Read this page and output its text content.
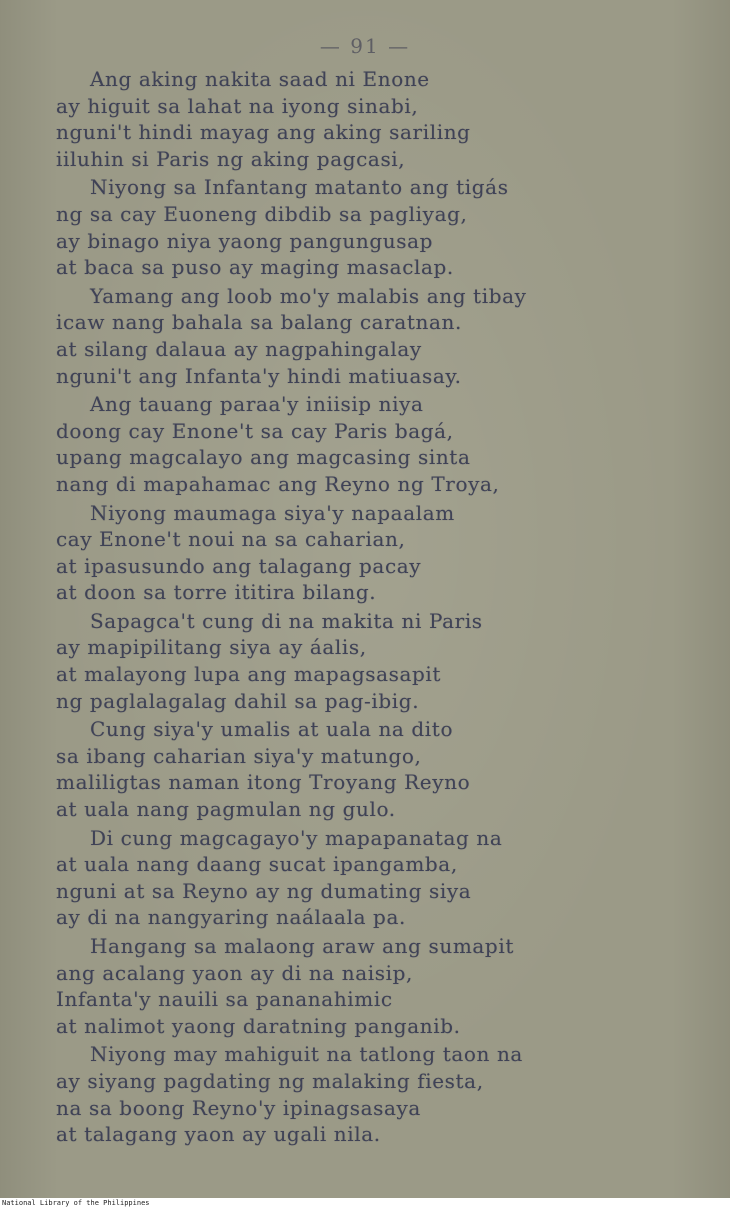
— 91 —
Ang aking nakita saad ni Enone
ay higuit sa lahat na iyong sinabi,
nguni't hindi mayag ang aking sariling
iiluhin si Paris ng aking pagcasi,
Niyong sa Infantang matanto ang tigás
ng sa cay Euoneng dibdib sa pagliyag,
ay binago niya yaong pangungusap
at baca sa puso ay maging masaclap.
Yamang ang loob mo'y malabis ang tibay
icaw nang bahala sa balang caratnan.
at silang dalaua ay nagpahingalay
nguni't ang Infanta'y hindi matiuasay.
Ang tauang paraa'y iniisip niya
doong cay Enone't sa cay Paris bagá,
upang magcalayo ang magcasing sinta
nang di mapahamac ang Reyno ng Troya,
Niyong maumaga siya'y napaalam
cay Enone't noui na sa caharian,
at ipasusundo ang talagang pacay
at doon sa torre ititira bilang.
Sapagca't cung di na makita ni Paris
ay mapipilitang siya ay áalis,
at malayong lupa ang mapagsasapit
ng paglalagalag dahil sa pag-ibig.
Cung siya'y umalis at uala na dito
sa ibang caharian siya'y matungo,
maliligtas naman itong Troyang Reyno
at uala nang pagmulan ng gulo.
Di cung magcagayo'y mapapanatag na
at uala nang daang sucat ipangamba,
nguni at sa Reyno ay ng dumating siya
ay di na nangyaring naálaala pa.
Hangang sa malaong araw ang sumapit
ang acalang yaon ay di na naisip,
Infanta'y nauili sa pananahimic
at nalimot yaong daratning panganib.
Niyong may mahiguit na tatlong taon na
ay siyang pagdating ng malaking fiesta,
na sa boong Reyno'y ipinagsasaya
at talagang yaon ay ugali nila.
National Library of the Philippines
